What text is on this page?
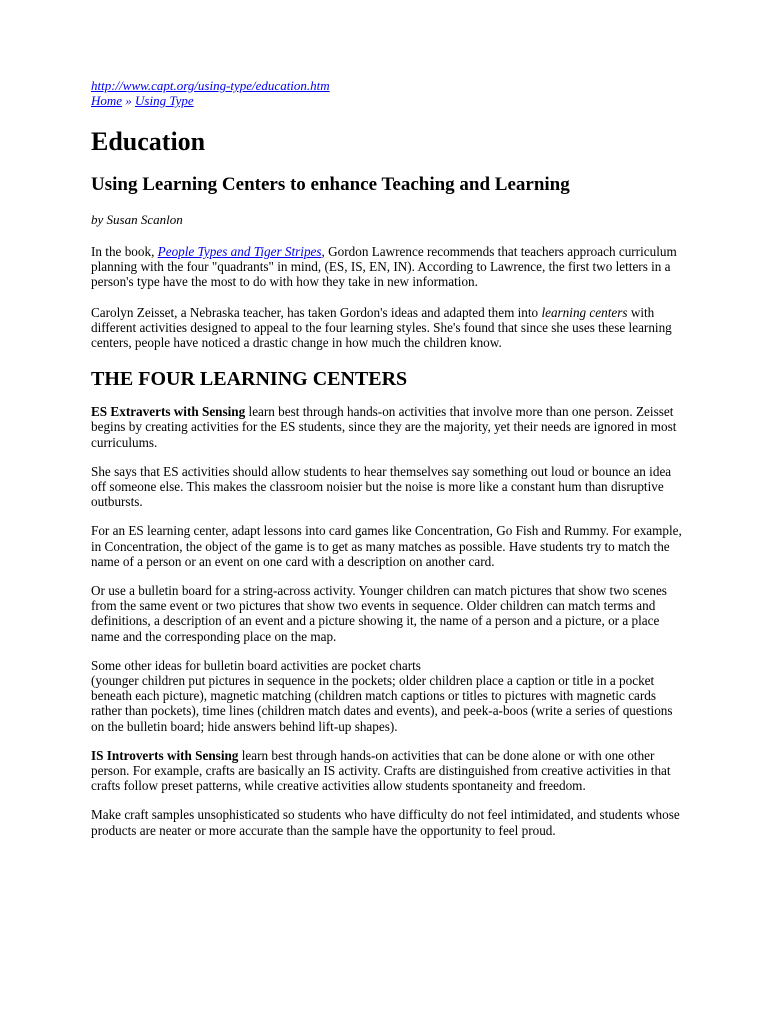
http://www.capt.org/using-type/education.htm
Home » Using Type
Education
Using Learning Centers to enhance Teaching and Learning
by Susan Scanlon

In the book, People Types and Tiger Stripes, Gordon Lawrence recommends that teachers approach curriculum planning with the four "quadrants" in mind, (ES, IS, EN, IN). According to Lawrence, the first two letters in a person's type have the most to do with how they take in new information.

Carolyn Zeisset, a Nebraska teacher, has taken Gordon's ideas and adapted them into learning centers with different activities designed to appeal to the four learning styles. She's found that since she uses these learning centers, people have noticed a drastic change in how much the children know.

THE FOUR LEARNING CENTERS

ES Extraverts with Sensing learn best through hands-on activities that involve more than one person. Zeisset begins by creating activities for the ES students, since they are the majority, yet their needs are ignored in most curriculums.

She says that ES activities should allow students to hear themselves say something out loud or bounce an idea off someone else. This makes the classroom noisier but the noise is more like a constant hum than disruptive outbursts.

For an ES learning center, adapt lessons into card games like Concentration, Go Fish and Rummy. For example, in Concentration, the object of the game is to get as many matches as possible. Have students try to match the name of a person or an event on one card with a description on another card.

Or use a bulletin board for a string-across activity. Younger children can match pictures that show two scenes from the same event or two pictures that show two events in sequence. Older children can match terms and definitions, a description of an event and a picture showing it, the name of a person and a picture, or a place name and the corresponding place on the map.

Some other ideas for bulletin board activities are pocket charts
(younger children put pictures in sequence in the pockets; older children place a caption or title in a pocket beneath each picture), magnetic matching (children match captions or titles to pictures with magnetic cards rather than pockets), time lines (children match dates and events), and peek-a-boos (write a series of questions on the bulletin board; hide answers behind lift-up shapes).

IS Introverts with Sensing learn best through hands-on activities that can be done alone or with one other person. For example, crafts are basically an IS activity. Crafts are distinguished from creative activities in that crafts follow preset patterns, while creative activities allow students spontaneity and freedom.

Make craft samples unsophisticated so students who have difficulty do not feel intimidated, and students whose products are neater or more accurate than the sample have the opportunity to feel proud.
